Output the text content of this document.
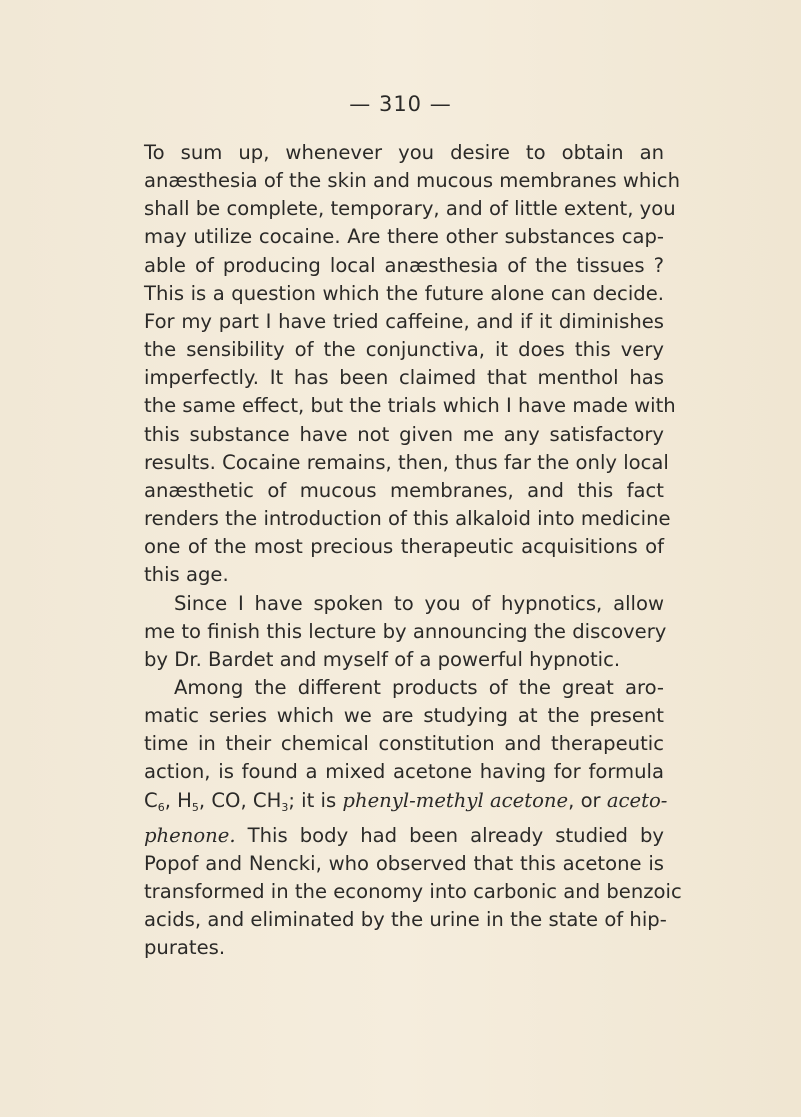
— 310 —
To sum up, whenever you desire to obtain an
anæsthesia of the skin and mucous membranes which
shall be complete, temporary, and of little extent, you
may utilize cocaine. Are there other substances cap-
able of producing local anæsthesia of the tissues ?
This is a question which the future alone can decide.
For my part I have tried caffeine, and if it diminishes
the sensibility of the conjunctiva, it does this very
imperfectly. It has been claimed that menthol has
the same effect, but the trials which I have made with
this substance have not given me any satisfactory
results. Cocaine remains, then, thus far the only local
anæsthetic of mucous membranes, and this fact
renders the introduction of this alkaloid into medicine
one of the most precious therapeutic acquisitions of
this age.
Since I have spoken to you of hypnotics, allow
me to finish this lecture by announcing the discovery
by Dr. Bardet and myself of a powerful hypnotic.
Among the different products of the great aro-
matic series which we are studying at the present
time in their chemical constitution and therapeutic
action, is found a mixed acetone having for formula
$C_6$, $H_5$, CO, $CH_3$; it is phenyl-methyl acetone, or aceto-
phenone. This body had been already studied by
Popof and Nencki, who observed that this acetone is
transformed in the economy into carbonic and benzoic
acids, and eliminated by the urine in the state of hip-
purates.
